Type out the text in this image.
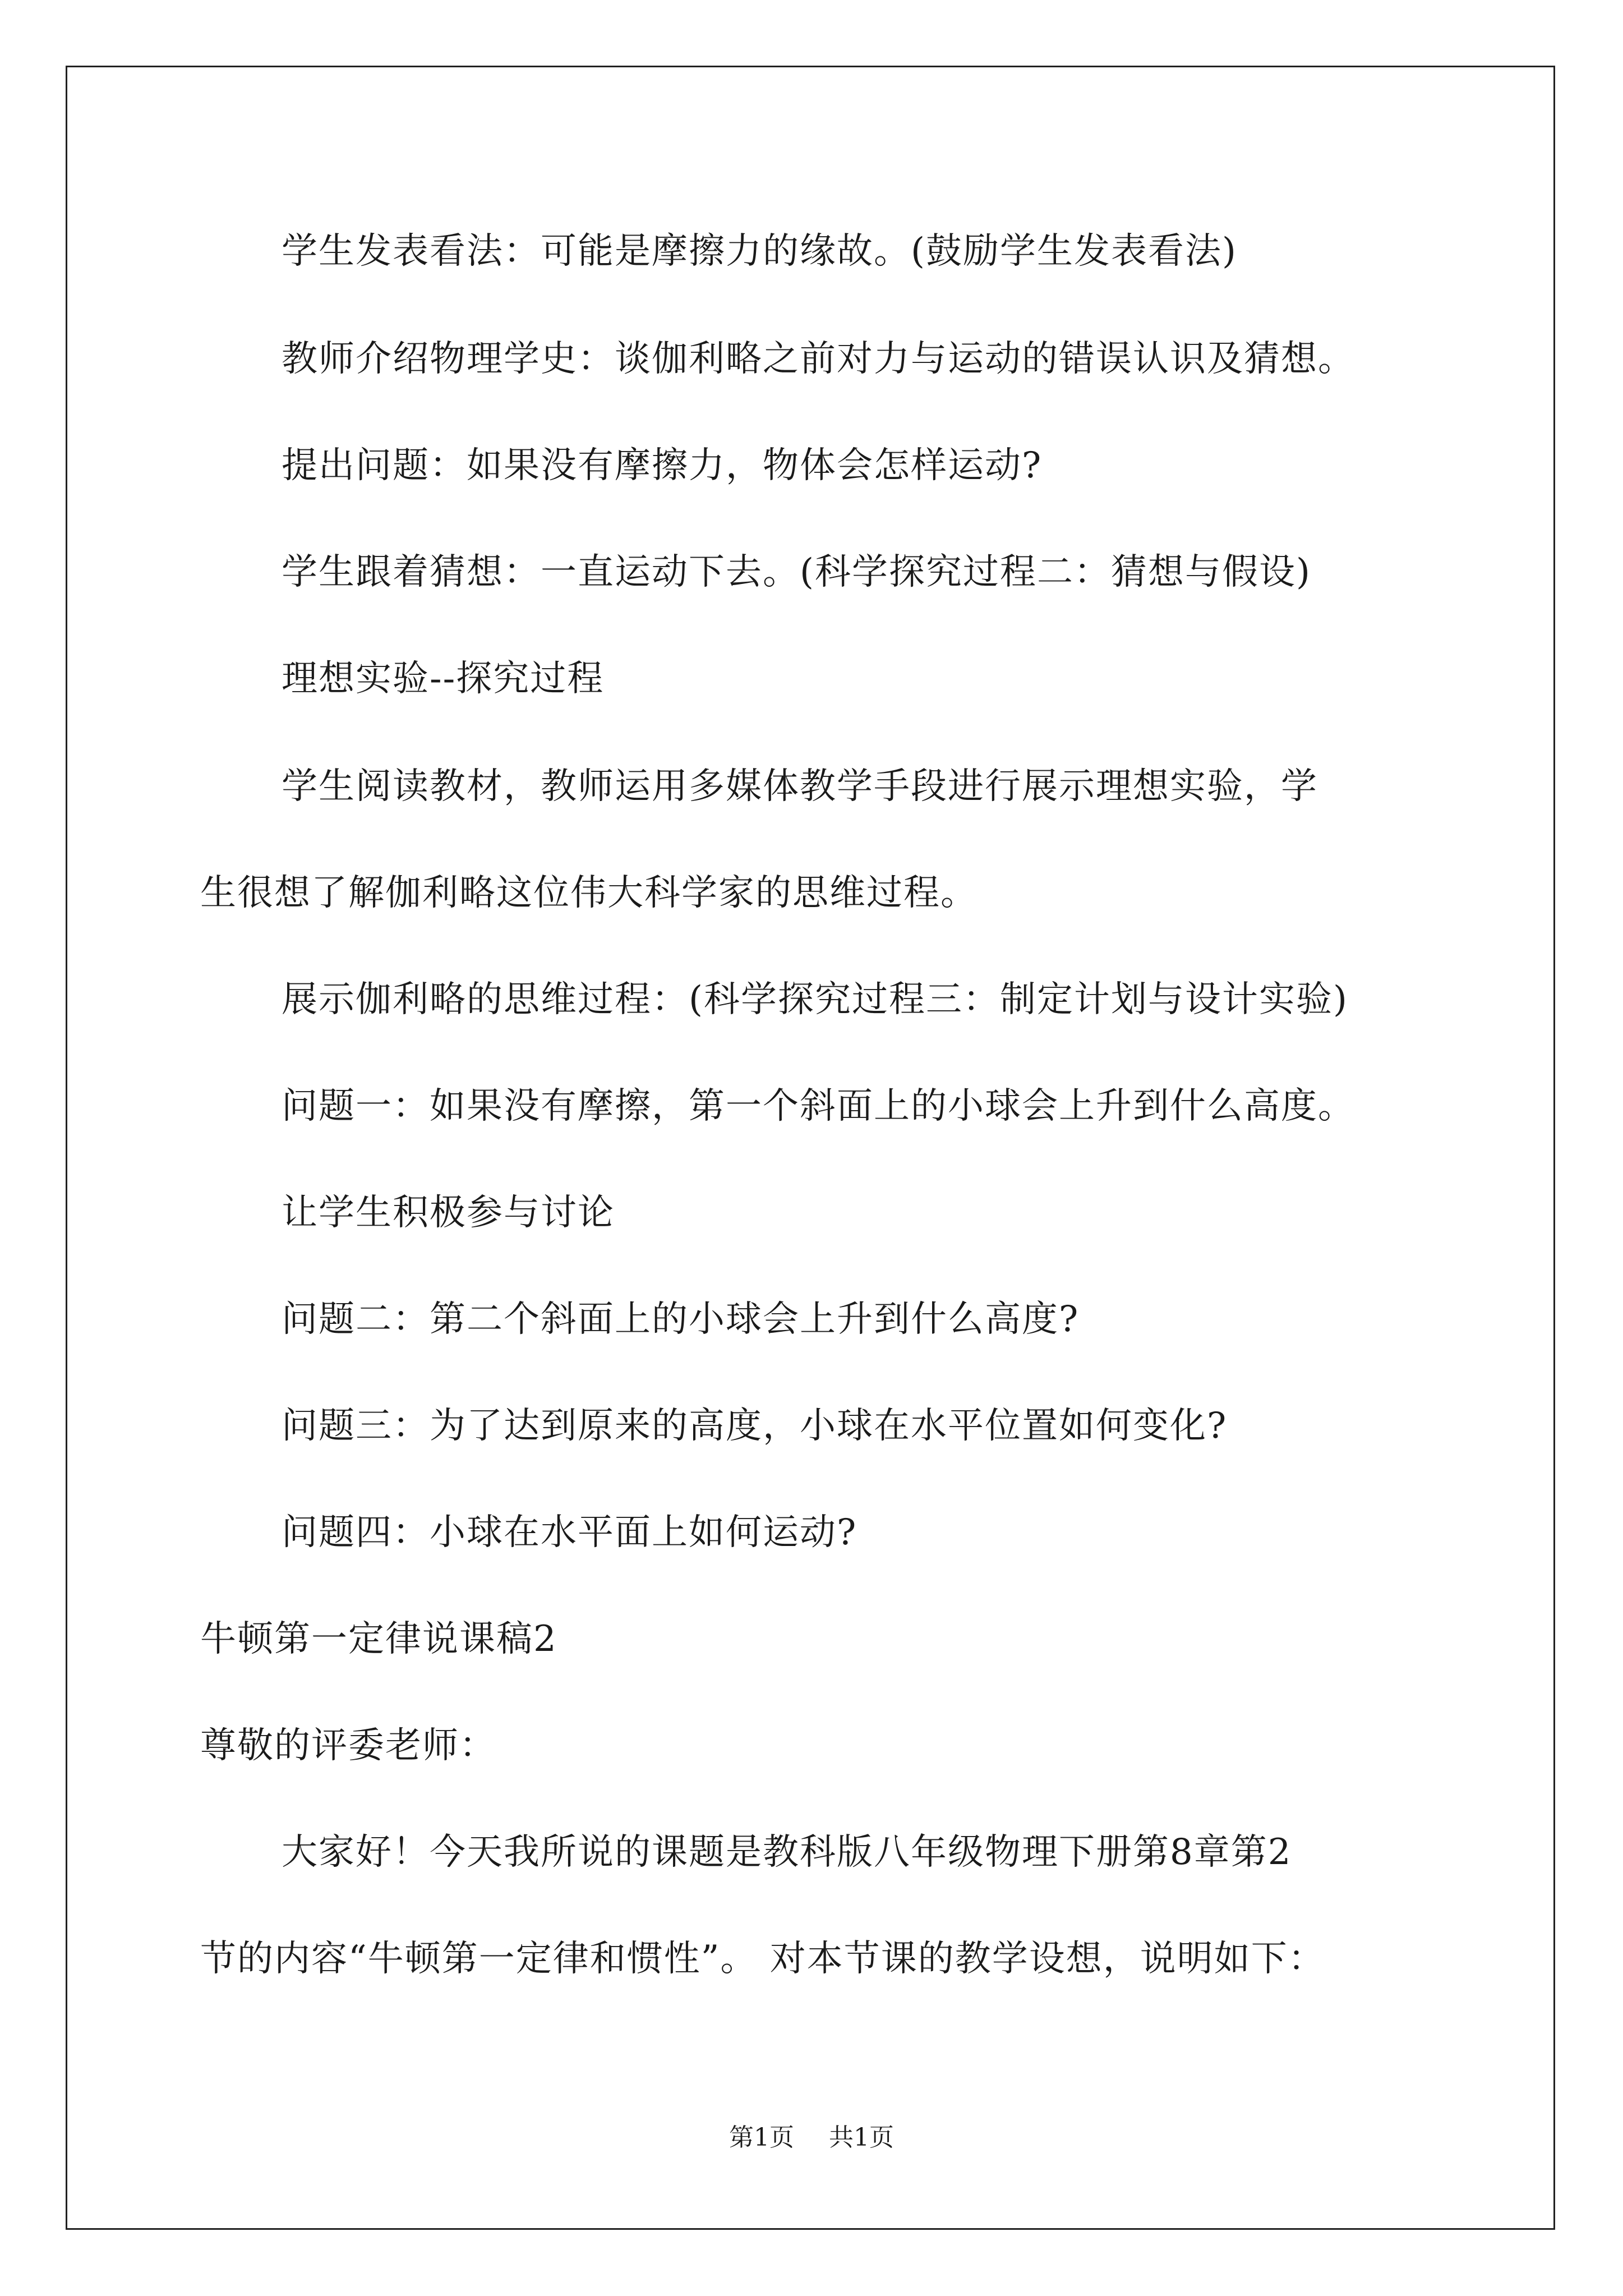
学生发表看法：可能是摩擦力的缘故。(鼓励学生发表看法)
教师介绍物理学史：谈伽利略之前对力与运动的错误认识及猜想。
提出问题：如果没有摩擦力，物体会怎样运动?
学生跟着猜想：一直运动下去。(科学探究过程二：猜想与假设)
理想实验--探究过程
学生阅读教材，教师运用多媒体教学手段进行展示理想实验，学
生很想了解伽利略这位伟大科学家的思维过程。
展示伽利略的思维过程：(科学探究过程三：制定计划与设计实验)
问题一：如果没有摩擦，第一个斜面上的小球会上升到什么高度。
让学生积极参与讨论
问题二：第二个斜面上的小球会上升到什么高度?
问题三：为了达到原来的高度，小球在水平位置如何变化?
问题四：小球在水平面上如何运动?
牛顿第一定律说课稿2
尊敬的评委老师：
大家好！今天我所说的课题是教科版八年级物理下册第8章第2
节的内容“牛顿第一定律和惯性”。 对本节课的教学设想，说明如下：
第1页 共1页
